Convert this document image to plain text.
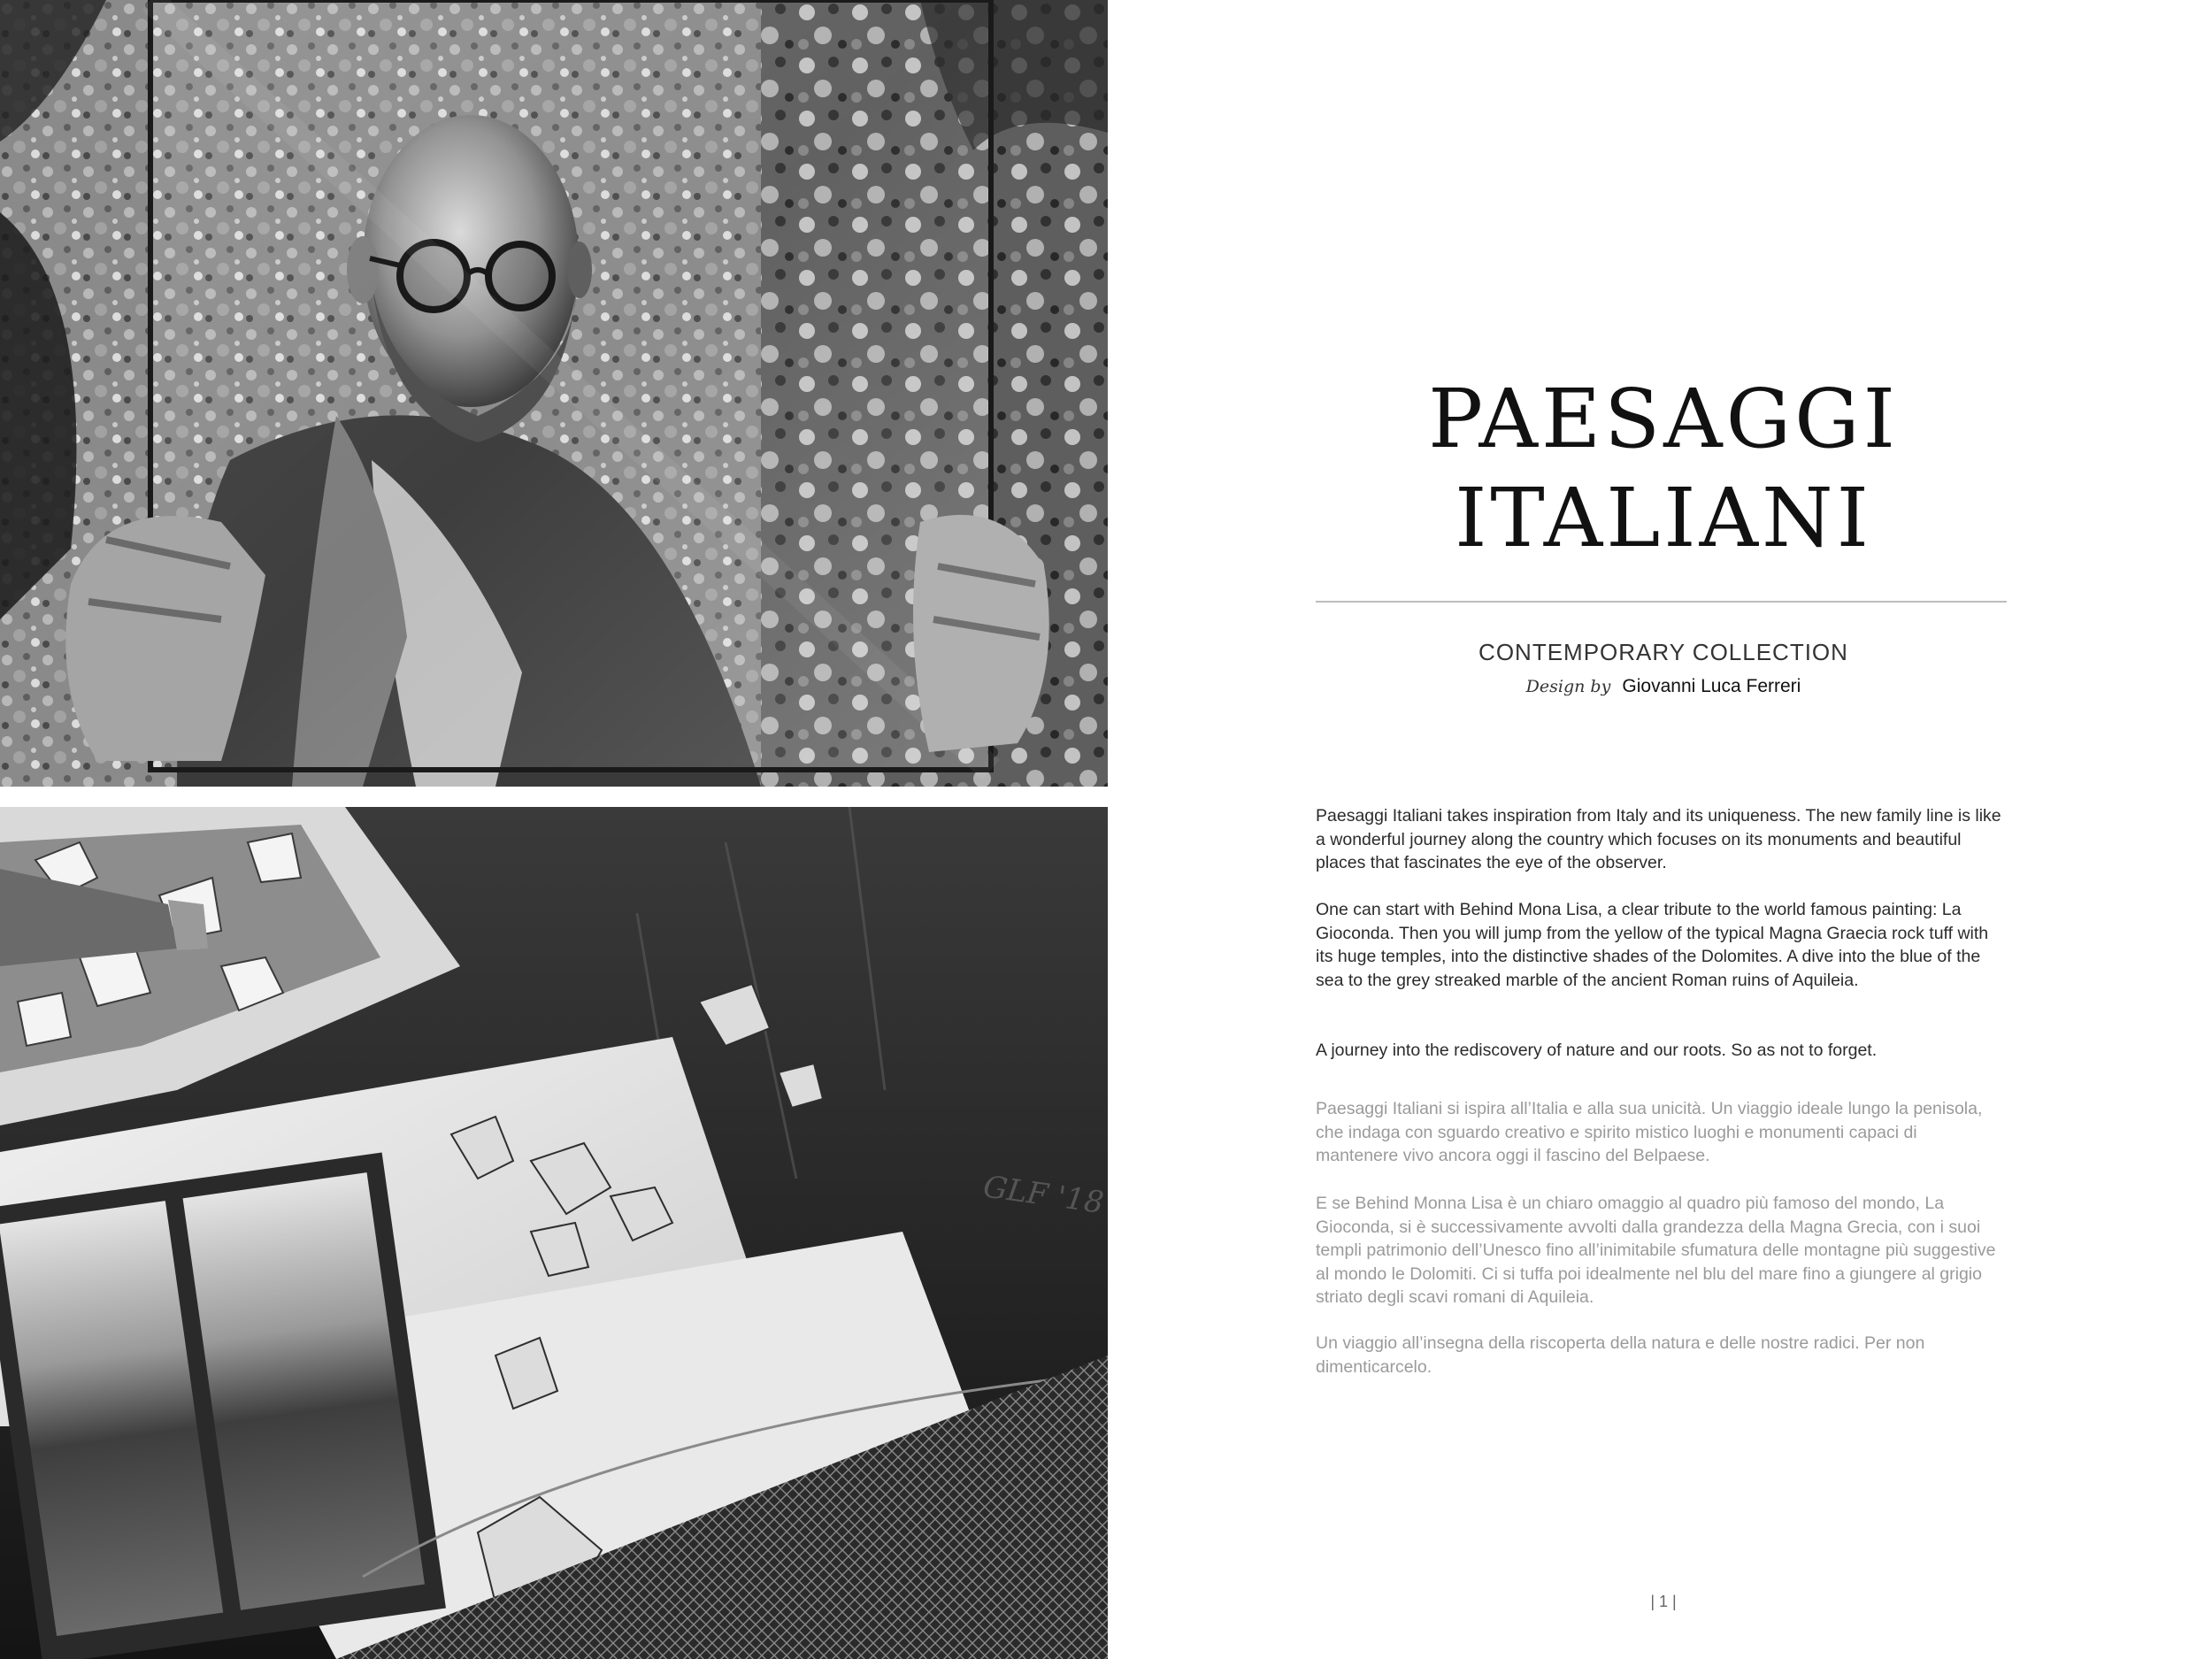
GLF '18
PAESAGGI
ITALIANI
CONTEMPORARY COLLECTION

Design by Giovanni Luca Ferreri

Paesaggi Italiani takes inspiration from Italy and its uniqueness. The new family line is like a wonderful journey along the country which focuses on its monuments and beautiful places that fascinates the eye of the observer.

One can start with Behind Mona Lisa, a clear tribute to the world famous painting: La Gioconda. Then you will jump from the yellow of the typical Magna Graecia rock tuff with its huge temples, into the distinctive shades of the Dolomites. A dive into the blue of the sea to the grey streaked marble of the ancient Roman ruins of Aquileia.

A journey into the rediscovery of nature and our roots. So as not to forget.

Paesaggi Italiani si ispira all’Italia e alla sua unicità. Un viaggio ideale lungo la penisola, che indaga con sguardo creativo e spirito mistico luoghi e monumenti capaci di mantenere vivo ancora oggi il fascino del Belpaese.

E se Behind Monna Lisa è un chiaro omaggio al quadro più famoso del mondo, La Gioconda, si è successivamente avvolti dalla grandezza della Magna Grecia, con i suoi templi patrimonio dell’Unesco fino all’inimitabile sfumatura delle montagne più suggestive al mondo le Dolomiti. Ci si tuffa poi idealmente nel blu del mare fino a giungere al grigio striato degli scavi romani di Aquileia.

Un viaggio all’insegna della riscoperta della natura e delle nostre radici. Per non dimenticarcelo.

| 1 |
